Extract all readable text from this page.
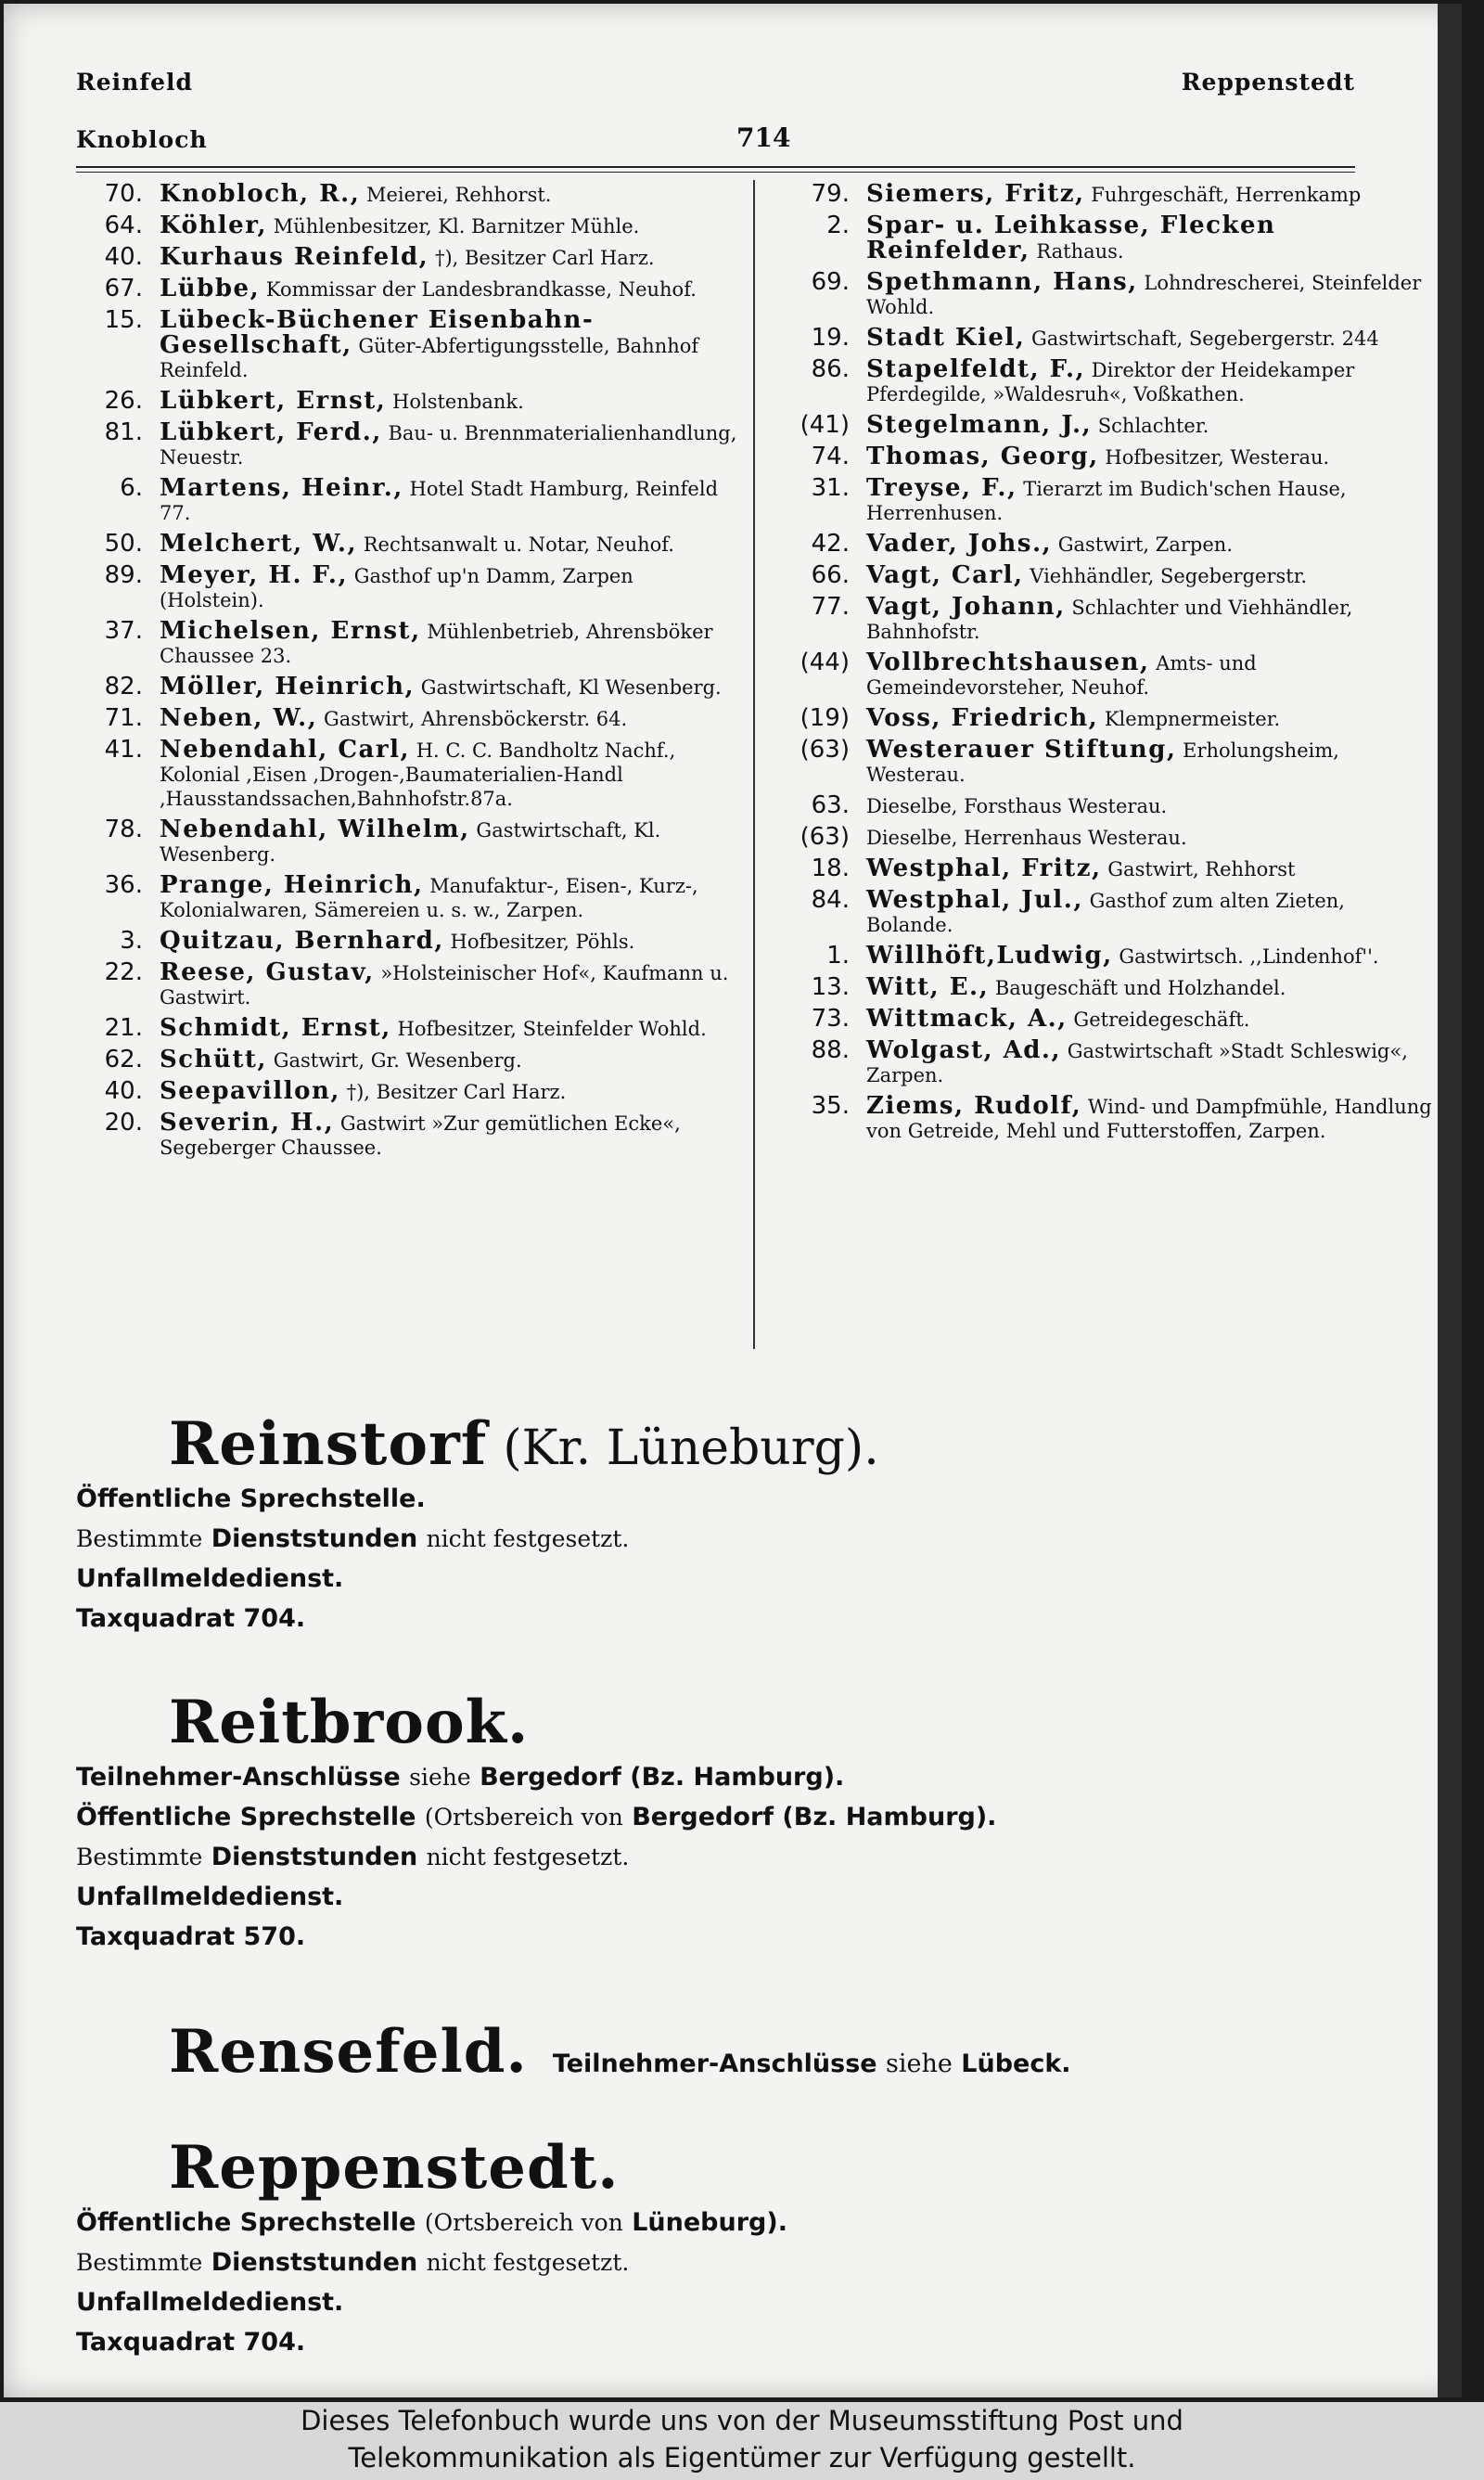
Reinfeld	Reppenstedt
Knobloch	714
70. Knobloch, R., Meierei, Rehhorst.
64. Köhler, Mühlenbesitzer, Kl. Barnitzer Mühle.
40. Kurhaus Reinfeld, †), Besitzer Carl Harz.
67. Lübbe, Kommissar der Landesbrandkasse, Neuhof.
15. Lübeck-Büchener Eisenbahn-Gesellschaft, Güter-Abfertigungsstelle, Bahnhof Reinfeld.
26. Lübkert, Ernst, Holstenbank.
81. Lübkert, Ferd., Bau- u. Brennmaterialienhandlung, Neuestr.
6. Martens, Heinr., Hotel Stadt Hamburg, Reinfeld 77.
50. Melchert, W., Rechtsanwalt u. Notar, Neuhof.
89. Meyer, H. F., Gasthof up'n Damm, Zarpen (Holstein).
37. Michelsen, Ernst, Mühlenbetrieb, Ahrensböker Chaussee 23.
82. Möller, Heinrich, Gastwirtschaft, Kl Wesenberg.
71. Neben, W., Gastwirt, Ahrensböckerstr. 64.
41. Nebendahl, Carl, H. C. C. Bandholtz Nachf., Kolonial ,Eisen ,Drogen-,Baumaterialien-Handl ,Hausstandssachen,Bahnhofstr.87a.
78. Nebendahl, Wilhelm, Gastwirtschaft, Kl. Wesenberg.
36. Prange, Heinrich, Manufaktur-, Eisen-, Kurz-, Kolonialwaren, Sämereien u. s. w., Zarpen.
3. Quitzau, Bernhard, Hofbesitzer, Pöhls.
22. Reese, Gustav, »Holsteinischer Hof«, Kaufmann u. Gastwirt.
21. Schmidt, Ernst, Hofbesitzer, Steinfelder Wohld.
62. Schütt, Gastwirt, Gr. Wesenberg.
40. Seepavillon, †), Besitzer Carl Harz.
20. Severin, H., Gastwirt »Zur gemütlichen Ecke«, Segeberger Chaussee.
79. Siemers, Fritz, Fuhrgeschäft, Herrenkamp
2. Spar- u. Leihkasse, Flecken Reinfelder, Rathaus.
69. Spethmann, Hans, Lohndrescherei, Steinfelder Wohld.
19. Stadt Kiel, Gastwirtschaft, Segebergerstr. 244
86. Stapelfeldt, F., Direktor der Heidekamper Pferdegilde, »Waldesruh«, Voßkathen.
(41) Stegelmann, J., Schlachter.
74. Thomas, Georg, Hofbesitzer, Westerau.
31. Treyse, F., Tierarzt im Budich'schen Hause, Herrenhusen.
42. Vader, Johs., Gastwirt, Zarpen.
66. Vagt, Carl, Viehhändler, Segebergerstr.
77. Vagt, Johann, Schlachter und Viehhändler, Bahnhofstr.
(44) Vollbrechtshausen, Amts- und Gemeindevorsteher, Neuhof.
(19) Voss, Friedrich, Klempnermeister.
(63) Westerauer Stiftung, Erholungsheim, Westerau.
63. Dieselbe, Forsthaus Westerau.
(63) Dieselbe, Herrenhaus Westerau.
18. Westphal, Fritz, Gastwirt, Rehhorst
84. Westphal, Jul., Gasthof zum alten Zieten, Bolande.
1. Willhöft,Ludwig, Gastwirtsch. ,,Lindenhof''.
13. Witt, E., Baugeschäft und Holzhandel.
73. Wittmack, A., Getreidegeschäft.
88. Wolgast, Ad., Gastwirtschaft »Stadt Schleswig«, Zarpen.
35. Ziems, Rudolf, Wind- und Dampfmühle, Handlung von Getreide, Mehl und Futterstoffen, Zarpen.
Reinstorf (Kr. Lüneburg).
Öffentliche Sprechstelle.
Bestimmte Dienststunden nicht festgesetzt.
Unfallmeldedienst.
Taxquadrat 704.
Reitbrook.
Teilnehmer-Anschlüsse siehe Bergedorf (Bz. Hamburg).
Öffentliche Sprechstelle (Ortsbereich von Bergedorf (Bz. Hamburg).
Bestimmte Dienststunden nicht festgesetzt.
Unfallmeldedienst.
Taxquadrat 570.
Rensefeld. Teilnehmer-Anschlüsse siehe Lübeck.
Reppenstedt.
Öffentliche Sprechstelle (Ortsbereich von Lüneburg).
Bestimmte Dienststunden nicht festgesetzt.
Unfallmeldedienst.
Taxquadrat 704.
Dieses Telefonbuch wurde uns von der Museumsstiftung Post und
Telekommunikation als Eigentümer zur Verfügung gestellt.
